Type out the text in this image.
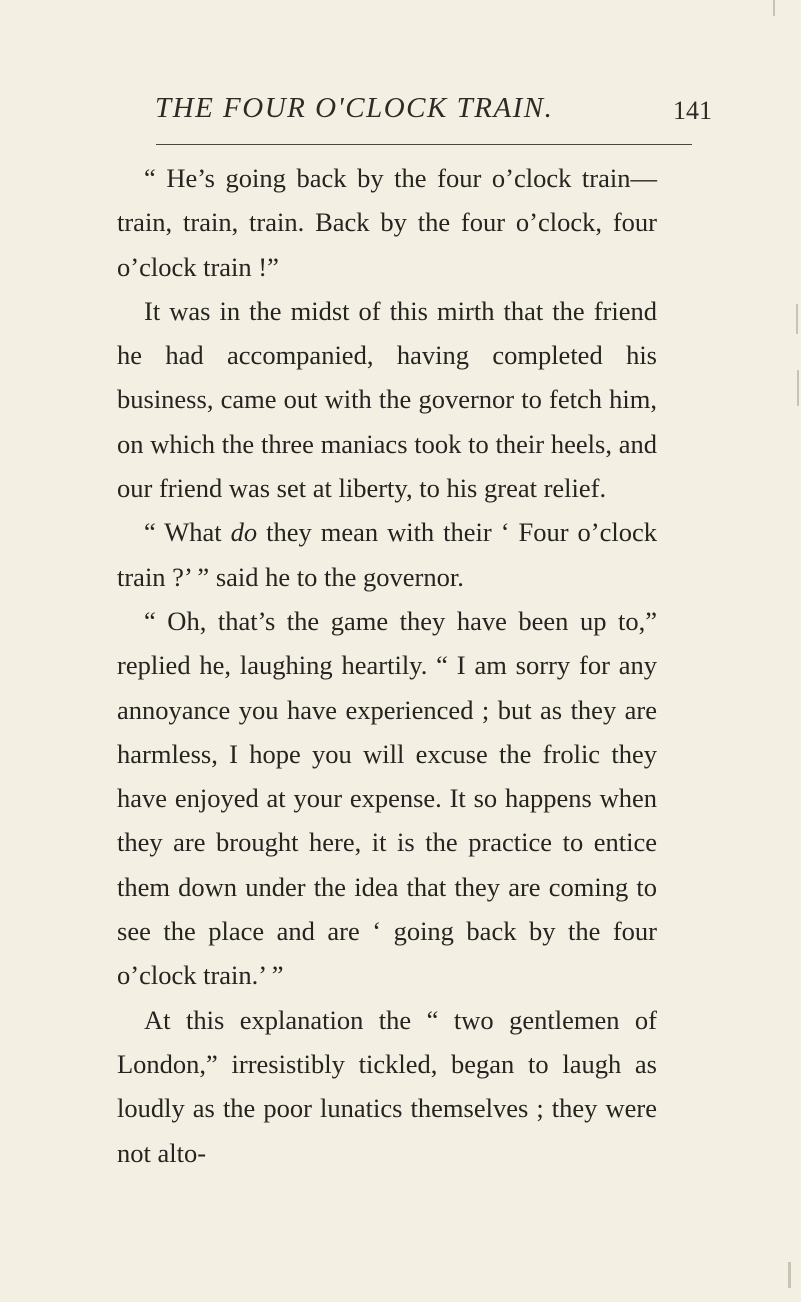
THE FOUR O'CLOCK TRAIN.	141

“ He’s going back by the four o’clock train—train, train, train. Back by the four o’clock, four o’clock train !”

It was in the midst of this mirth that the friend he had accompanied, having completed his business, came out with the governor to fetch him, on which the three maniacs took to their heels, and our friend was set at liberty, to his great relief.

“ What do they mean with their ‘ Four o’clock train ?’ ” said he to the governor.

“ Oh, that’s the game they have been up to,” replied he, laughing heartily. “ I am sorry for any annoyance you have experienced ; but as they are harmless, I hope you will excuse the frolic they have enjoyed at your expense. It so happens when they are brought here, it is the practice to entice them down under the idea that they are coming to see the place and are ‘ going back by the four o’clock train.’ ”

At this explanation the “ two gentlemen of London,” irresistibly tickled, began to laugh as loudly as the poor lunatics themselves ; they were not alto-
